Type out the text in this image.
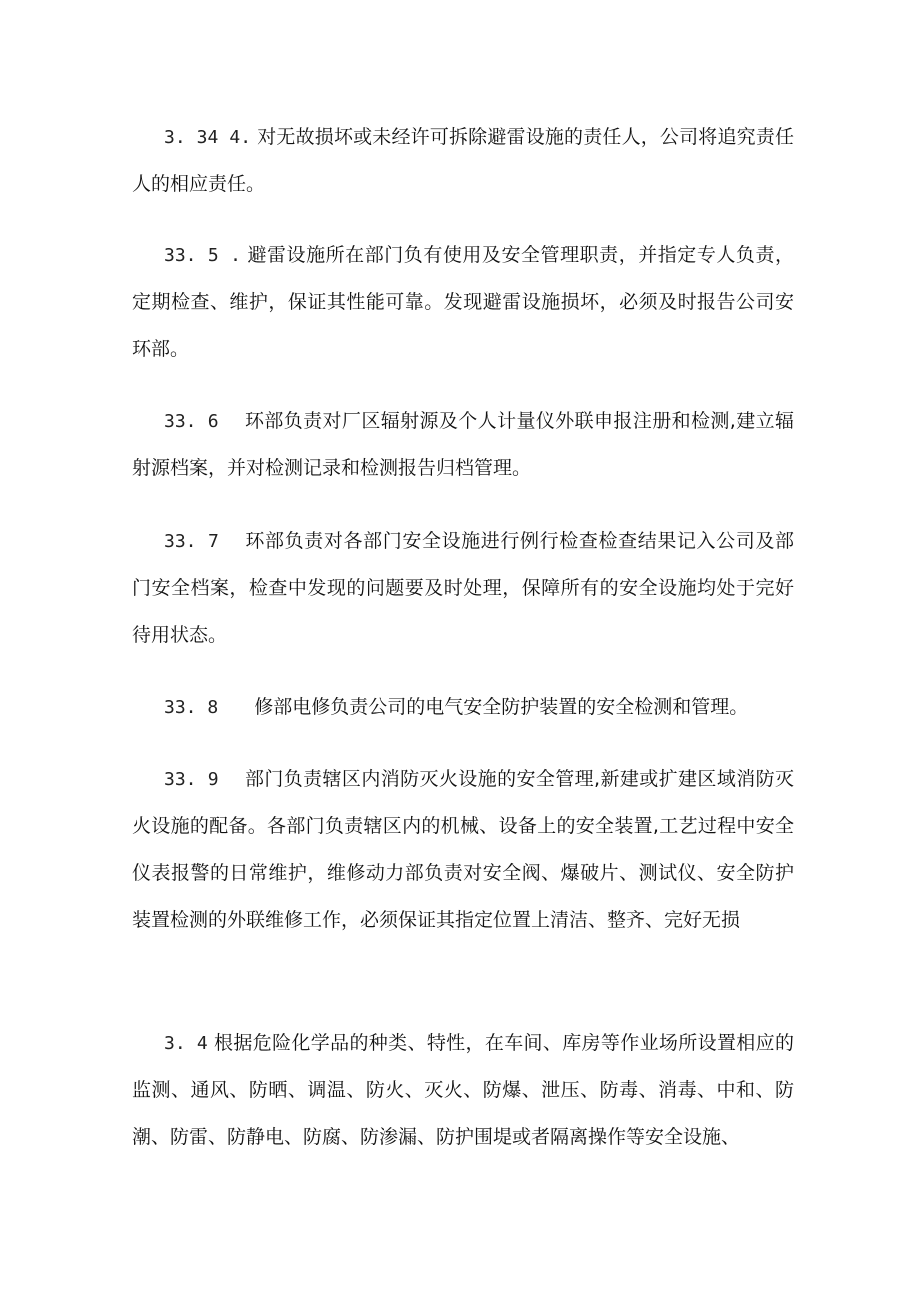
3. 34 4. 对无故损坏或未经许可拆除避雷设施的责任人，公司将追究责任人的相应责任。

33. 5 . 避雷设施所在部门负有使用及安全管理职责，并指定专人负责，定期检查、维护，保证其性能可靠。发现避雷设施损坏，必须及时报告公司安环部。

33. 6 环部负责对厂区辐射源及个人计量仪外联申报注册和检测,建立辐射源档案，并对检测记录和检测报告归档管理。

33. 7 环部负责对各部门安全设施进行例行检查检查结果记入公司及部门安全档案，检查中发现的问题要及时处理，保障所有的安全设施均处于完好待用状态。

33. 8 修部电修负责公司的电气安全防护装置的安全检测和管理。

33. 9 部门负责辖区内消防灭火设施的安全管理,新建或扩建区域消防灭火设施的配备。各部门负责辖区内的机械、设备上的安全装置,工艺过程中安全仪表报警的日常维护，维修动力部负责对安全阀、爆破片、测试仪、安全防护装置检测的外联维修工作，必须保证其指定位置上清洁、整齐、完好无损

3. 4 根据危险化学品的种类、特性，在车间、库房等作业场所设置相应的监测、通风、防晒、调温、防火、灭火、防爆、泄压、防毒、消毒、中和、防潮、防雷、防静电、防腐、防渗漏、防护围堤或者隔离操作等安全设施、
